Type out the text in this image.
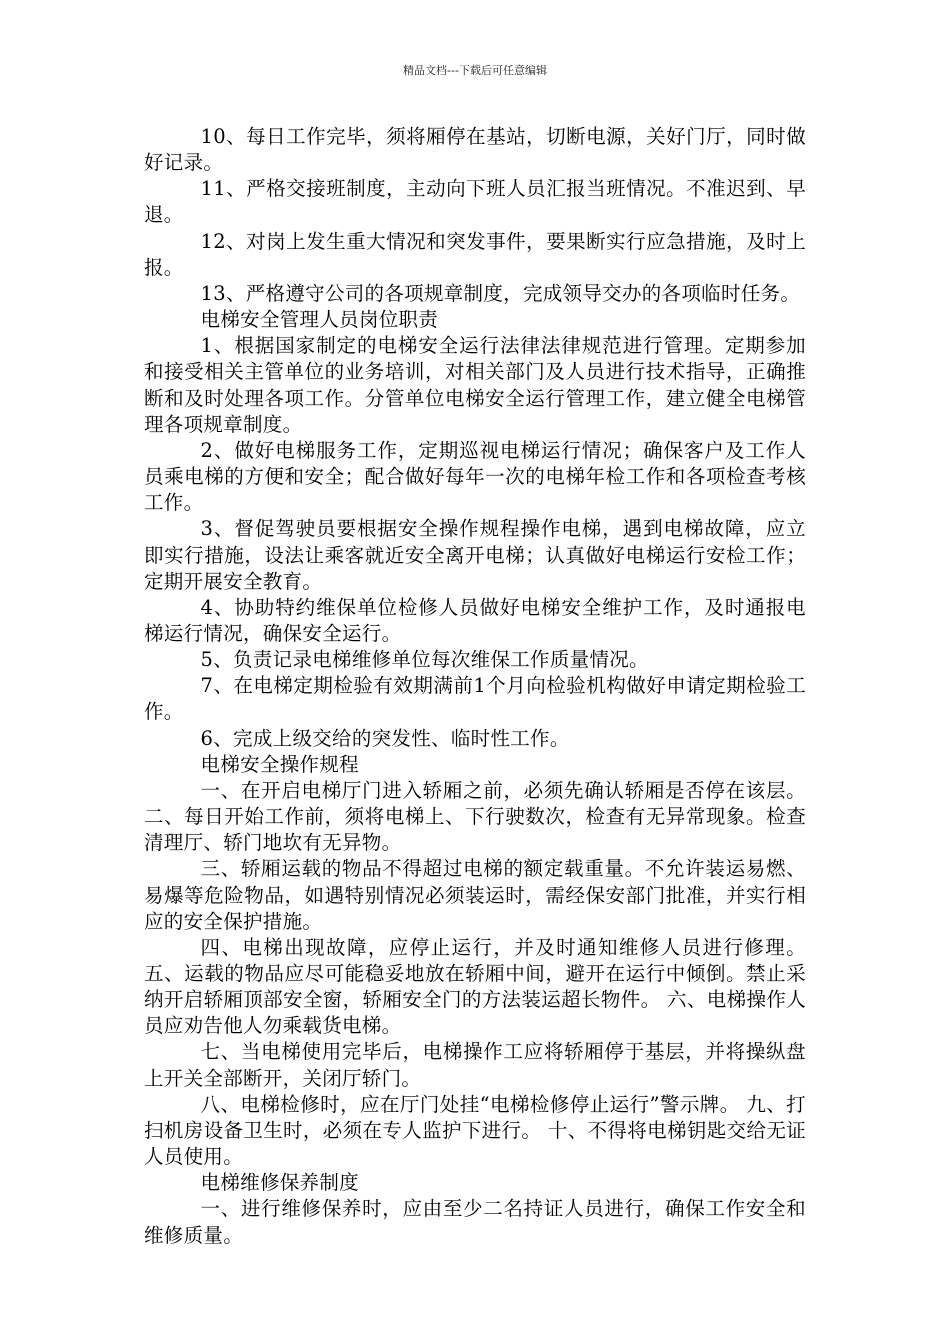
精品文档---下载后可任意编辑

10、每日工作完毕，须将厢停在基站，切断电源，关好门厅，同时做好记录。

11、严格交接班制度，主动向下班人员汇报当班情况。不准迟到、早退。

12、对岗上发生重大情况和突发事件，要果断实行应急措施，及时上报。

13、严格遵守公司的各项规章制度，完成领导交办的各项临时任务。

电梯安全管理人员岗位职责

1、根据国家制定的电梯安全运行法律法律规范进行管理。定期参加和接受相关主管单位的业务培训，对相关部门及人员进行技术指导，正确推断和及时处理各项工作。分管单位电梯安全运行管理工作，建立健全电梯管理各项规章制度。

2、做好电梯服务工作，定期巡视电梯运行情况；确保客户及工作人员乘电梯的方便和安全；配合做好每年一次的电梯年检工作和各项检查考核工作。

3、督促驾驶员要根据安全操作规程操作电梯，遇到电梯故障，应立即实行措施，设法让乘客就近安全离开电梯；认真做好电梯运行安检工作；定期开展安全教育。

4、协助特约维保单位检修人员做好电梯安全维护工作，及时通报电梯运行情况，确保安全运行。

5、负责记录电梯维修单位每次维保工作质量情况。

7、在电梯定期检验有效期满前1个月向检验机构做好申请定期检验工作。

6、完成上级交给的突发性、临时性工作。

电梯安全操作规程

一、在开启电梯厅门进入轿厢之前，必须先确认轿厢是否停在该层。 二、每日开始工作前，须将电梯上、下行驶数次，检查有无异常现象。检查清理厅、轿门地坎有无异物。

三、轿厢运载的物品不得超过电梯的额定载重量。不允许装运易燃、易爆等危险物品，如遇特别情况必须装运时，需经保安部门批准，并实行相应的安全保护措施。

四、电梯出现故障，应停止运行，并及时通知维修人员进行修理。 五、运载的物品应尽可能稳妥地放在轿厢中间，避开在运行中倾倒。禁止采纳开启轿厢顶部安全窗，轿厢安全门的方法装运超长物件。 六、电梯操作人员应劝告他人勿乘载货电梯。

七、当电梯使用完毕后，电梯操作工应将轿厢停于基层，并将操纵盘上开关全部断开，关闭厅轿门。

八、电梯检修时，应在厅门处挂“电梯检修停止运行”警示牌。 九、打扫机房设备卫生时，必须在专人监护下进行。 十、不得将电梯钥匙交给无证人员使用。

电梯维修保养制度

一、进行维修保养时，应由至少二名持证人员进行，确保工作安全和维修质量。
